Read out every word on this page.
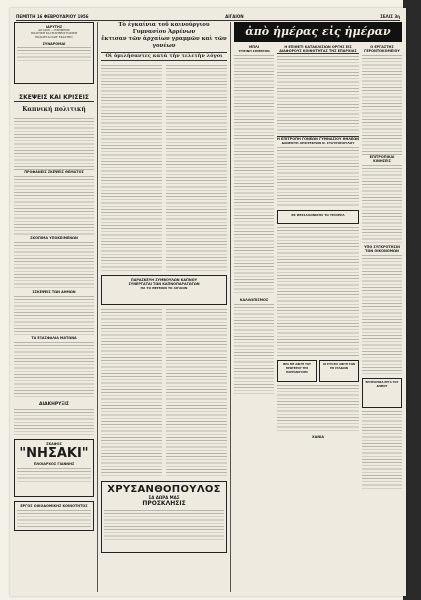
ΠΕΜΠΤΗ 16 ΦΕΒΡΟΥΑΡΙΟΥ 1956	ΑΙΓΑΙΟΝ	ΣΕΛΙΣ 3η
ΙΔΡΥΤΗΣ
ΑΙΓΑΙΟΝ — ΕΦΗΜΕΡΙΣ
ΠΟΛΙΤΙΚΗ ΚΑΙ ΕΙΔΗΣΕΟΓΡΑΦΙΚΗ
ΕΚΔΙΔΕΤΑΙ ΚΑΘ' ΕΚΑΣΤΗΝ
ΣΥΝΔΡΟΜΑΙ
ΣΚΕΨΕΙΣ ΚΑΙ ΚΡΙΣΕΙΣ
Καπνική πολιτική
ΠΡΟΦΑΝΕΙΣ ΣΚΕΨΕΙΣ ΘΕΜΑΤΟΣ
ΣΚΟΠΙΜΑ ΥΠΟΚΕΙΜΕΝΩΝ
ΣΣΚΕΨΕΙΣ ΤΩΝ ΔΗΜΩΝ
ΤΑ ΕΞΑΣΦΑΛΙΑ ΜΑΤΩΝΑ
ΔΙΑΚΗΡΥΞΙΣ
ΣΚΑΦΟΣ
"ΝΗΣΑΚΙ"
ΠΛΟΙΑΡΧΟΣ ΓΙΑΝΝΗΣ
ΕΡΓΟΣ ΟΙΚΟΔΟΜΙΚΗΣ ΚΟΙΝΟΤΗΤΟΣ
Τὸ ἐγκαίνια τοῦ καινούργιου Γυμνασίου Ἀρρένων
ἔκτισαν τῶν ἀρχαίων γραμμῶν καὶ τῶν γονέων
Οἱ ὁμιλήσαντες κατὰ τὴν τελετὴν λόγοι
ΠΑΡΑΣΚΕΥΗ ΣΥΜΒΟΥΛΩΝ ΚΑΠΝΟΥ
ΣΥΝΕΡΓΑΤΑΙ ΤΩΝ ΚΑΠΝΟΠΑΡΑΓΩΓΩΝ
ΗΑ ΤΟ ΘΕΡΜΟΝ ΤΟ ΑΙΓΑΙΟΝ
ΧΡΥΣΑΝΘΟΠΟΥΛΟΣ
ΣΑ ΔΩΡΑ ΜΑΣ
ΠΡΟΣΚΛΗΣΙΣ
ἀπὸ ἡμέρας εἰς ἡμέραν
ΜΠΛΙ
ΥΓΙΕΙΝΗ ΣΗΜΕΡΟΝ
ΚΑΛΛΩΠΙΣΜΟΣ
Η ΕΠΙΘΕΤΙ ΚΑΤΑΚΛΙΣΙΩΝ ΟΡΓΗΣ ΕΙΣ ΔΙΑΦΟΡΟΥΣ ΚΟΙΝΟΤΗΤΑΣ ΤΗΣ ΕΠΑΡΧΙΑΣ
Η ΕΠΙΤΡΟΠΗ ΓΟΝΕΩΝ ΓΥΜΝΑΣΙΟΥ ΘΗΛΕΩΝ
ΔΑΝΕΙΣΤΗ ΑΡΧΙΤΕΚΤΩΝ Ν. ΣΤΑΥΡΟΠΟΥΛΟΥ
ΕΚ ΘΕΣΣΑΛΟΝΙΚΗΣ ΤΟ ΤΕΣΣΕΡΑ
ΘΕΑ ΜΕ ΑΦΙΞΗ ΤΟΥ ΠΡΩΤΕΡΟΥ ΤΗΣ ΠΑΡΕΛΘΟΥΣΗΣ
ΟΙ ΕΞΗ ΕΙΣ ΑΦΙΞΗ ΤΩΝ ΕΠ ΣΤΑΔΙΩΝ
ΧΑΝΙΑ
Ο ΕΡΓΑΣΤΗΣ ΓΕΡΟΝΤΟΚΟΜΕΙΟΥ
ΕΠΙΤΡΟΠΙΚΑΙ ΚΙΝΗΣΕΙΣ
ΥΠΟ ΣΥΓΚΡΟΤΗΣΙΝ ΤΩΝ ΟΙΚΟΝΟΜΩΝ
ΕΠΙΤΡΟΠΙΚΑ ΕΡΓΑ ΤΟΥ ΔΗΜΟΥ
